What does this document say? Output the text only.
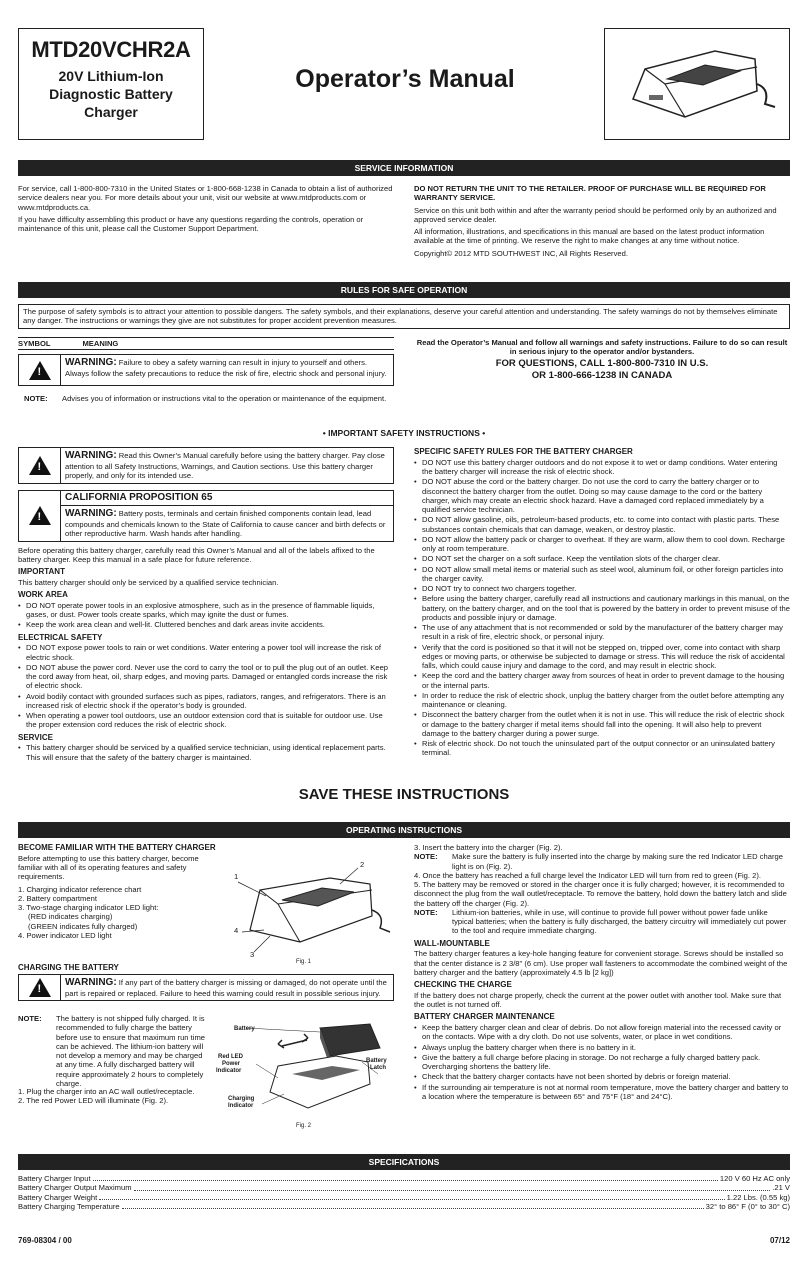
MTD20VCHR2A
20V Lithium-Ion
Diagnostic Battery
Charger
Operator’s Manual
SERVICE INFORMATION

For service, call 1-800-800-7310 in the United States or 1-800-668-1238 in Canada to obtain a list of authorized service dealers near you. For more details about your unit, visit our website at www.mtdproducts.com or www.mtdproducts.ca.

If you have difficulty assembling this product or have any questions regarding the controls, operation or maintenance of this unit, please call the Customer Support Department.

DO NOT RETURN THE UNIT TO THE RETAILER. PROOF OF PURCHASE WILL BE REQUIRED FOR WARRANTY SERVICE.

Service on this unit both within and after the warranty period should be performed only by an authorized and approved service dealer.

All information, illustrations, and specifications in this manual are based on the latest product information available at the time of printing. We reserve the right to make changes at any time without notice.

Copyright© 2012 MTD SOUTHWEST INC, All Rights Reserved.

RULES FOR SAFE OPERATION
The purpose of safety symbols is to attract your attention to possible dangers. The safety symbols, and their explanations, deserve your careful attention and understanding. The safety warnings do not by themselves eliminate any danger. The instructions or warnings they give are not substitutes for proper accident prevention measures.
SYMBOL	MEANING
!
WARNING: Failure to obey a safety warning can result in injury to yourself and others. Always follow the safety precautions to reduce the risk of fire, electric shock and personal injury.
NOTE:	Advises you of information or instructions vital to the operation or maintenance of the equipment.
Read the Operator’s Manual and follow all warnings and safety instructions. Failure to do so can result in serious injury to the operator and/or bystanders.
FOR QUESTIONS, CALL 1-800-800-7310 IN U.S.
OR 1-800-666-1238 IN CANADA
• IMPORTANT SAFETY INSTRUCTIONS •
!
WARNING: Read this Owner’s Manual carefully before using the battery charger. Pay close attention to all Safety Instructions, Warnings, and Caution sections. Use this battery charger properly, and only for its intended use.
!
CALIFORNIA PROPOSITION 65
WARNING: Battery posts, terminals and certain finished components contain lead, lead compounds and chemicals known to the State of California to cause cancer and birth defects or other reproductive harm. Wash hands after handling.

Before operating this battery charger, carefully read this Owner’s Manual and all of the labels affixed to the battery charger. Keep this manual in a safe place for future reference.

IMPORTANT

This battery charger should only be serviced by a qualified service technician.

WORK AREA
• DO NOT operate power tools in an explosive atmosphere, such as in the presence of flammable liquids, gases, or dust. Power tools create sparks, which may ignite the dust or fumes.
• Keep the work area clean and well-lit. Cluttered benches and dark areas invite accidents.
ELECTRICAL SAFETY
• DO NOT expose power tools to rain or wet conditions. Water entering a power tool will increase the risk of electric shock.
• DO NOT abuse the power cord. Never use the cord to carry the tool or to pull the plug out of an outlet. Keep the cord away from heat, oil, sharp edges, and moving parts. Damaged or entangled cords increase the risk of electric shock.
• Avoid bodily contact with grounded surfaces such as pipes, radiators, ranges, and refrigerators. There is an increased risk of electric shock if the operator’s body is grounded.
• When operating a power tool outdoors, use an outdoor extension cord that is suitable for outdoor use. Use the proper extension cord reduces the risk of electric shock.
SERVICE
• This battery charger should be serviced by a qualified service technician, using identical replacement parts. This will ensure that the safety of the battery charger is maintained.
SPECIFIC SAFETY RULES FOR THE BATTERY CHARGER
• DO NOT use this battery charger outdoors and do not expose it to wet or damp conditions. Water entering the battery charger will increase the risk of electric shock.
• DO NOT abuse the cord or the battery charger. Do not use the cord to carry the battery charger or to disconnect the battery charger from the outlet. Doing so may cause damage to the cord or the battery charger, which may create an electric shock hazard. Have a damaged cord replaced immediately by a qualified service technician.
• DO NOT allow gasoline, oils, petroleum-based products, etc. to come into contact with plastic parts. These substances contain chemicals that can damage, weaken, or destroy plastic.
• DO NOT allow the battery pack or charger to overheat. If they are warm, allow them to cool down. Recharge only at room temperature.
• DO NOT set the charger on a soft surface. Keep the ventilation slots of the charger clear.
• DO NOT allow small metal items or material such as steel wool, aluminum foil, or other foreign particles into the charger cavity.
• DO NOT try to connect two chargers together.
• Before using the battery charger, carefully read all instructions and cautionary markings in this manual, on the battery, on the battery charger, and on the tool that is powered by the battery in order to prevent misuse of the products and possible injury or damage.
• The use of any attachment that is not recommended or sold by the manufacturer of the battery charger may result in a risk of fire, electric shock, or personal injury.
• Verify that the cord is positioned so that it will not be stepped on, tripped over, come into contact with sharp edges or moving parts, or otherwise be subjected to damage or stress. This will reduce the risk of accidental falls, which could cause injury and damage to the cord, and may result in electric shock.
• Keep the cord and the battery charger away from sources of heat in order to prevent damage to the housing or the internal parts.
• In order to reduce the risk of electric shock, unplug the battery charger from the outlet before attempting any maintenance or cleaning.
• Disconnect the battery charger from the outlet when it is not in use. This will reduce the risk of electric shock or damage to the battery charger if metal items should fall into the opening. It will also help to prevent damage to the battery charger during a power surge.
• Risk of electric shock. Do not touch the uninsulated part of the output connector or an uninsulated battery terminal.
SAVE THESE INSTRUCTIONS
OPERATING INSTRUCTIONS
BECOME FAMILIAR WITH THE BATTERY CHARGER

Before attempting to use this battery charger, become familiar with all of its operating features and safety requirements.

1. Charging indicator reference chart
2. Battery compartment
3. Two-stage charging indicator LED light:
(RED indicates charging)
(GREEN indicates fully charged)
4. Power indicator LED light
1
2
4
3
Fig. 1
CHARGING THE BATTERY
!
WARNING: If any part of the battery charger is missing or damaged, do not operate until the part is repaired or replaced. Failure to heed this warning could result in possible serious injury.
NOTE:	The battery is not shipped fully charged. It is recommended to fully charge the battery before use to ensure that maximum run time can be achieved. The lithium-ion battery will not develop a memory and may be charged at any time. A fully discharged battery will require approximately 2 hours to completely charge.
1. Plug the charger into an AC wall outlet/receptacle.
2. The red Power LED will illuminate (Fig. 2).
Battery
Red LED
Power
Indicator
Battery
Latch
Charging
Indicator
Fig. 2
3. Insert the battery into the charger (Fig. 2).
NOTE:	Make sure the battery is fully inserted into the charge by making sure the red Indicator LED charge light is on (Fig. 2).
4. Once the battery has reached a full charge level the Indicator LED will turn from red to green (Fig. 2).
5. The battery may be removed or stored in the charger once it is fully charged; however, it is recommended to disconnect the plug from the wall outlet/receptacle. To remove the battery, hold down the battery latch and slide the battery off the charger (Fig. 2).
NOTE:	Lithium-ion batteries, while in use, will continue to provide full power without power fade unlike typical batteries; when the battery is fully discharged, the battery circuitry will immediately cut power to the tool and require immediate charging.
WALL-MOUNTABLE

The battery charger features a key-hole hanging feature for convenient storage. Screws should be installed so that the center distance is 2 3/8" (6 cm). Use proper wall fasteners to accommodate the combined weight of the battery charger and the battery (approximately 4.5 lb [2 kg])

CHECKING THE CHARGE

If the battery does not charge properly, check the current at the power outlet with another tool. Make sure that the outlet is not turned off.

BATTERY CHARGER MAINTENANCE
• Keep the battery charger clean and clear of debris. Do not allow foreign material into the recessed cavity or on the contacts. Wipe with a dry cloth. Do not use solvents, water, or place in wet conditions.
• Always unplug the battery charger when there is no battery in it.
• Give the battery a full charge before placing in storage. Do not recharge a fully charged battery pack. Overcharging shortens the battery life.
• Check that the battery charger contacts have not been shorted by debris or foreign material.
• If the surrounding air temperature is not at normal room temperature, move the battery charger and battery to a location where the temperature is between 65° and 75°F (18° and 24°C).
SPECIFICATIONS
Battery Charger Input	120 V 60 Hz AC only
Battery Charger Output Maximum	.21 V
Battery Charger Weight	1.22 Lbs. (0.55 kg)
Battery Charging Temperature	32° to 86° F (0° to 30° C)
769-08304 / 00	07/12
